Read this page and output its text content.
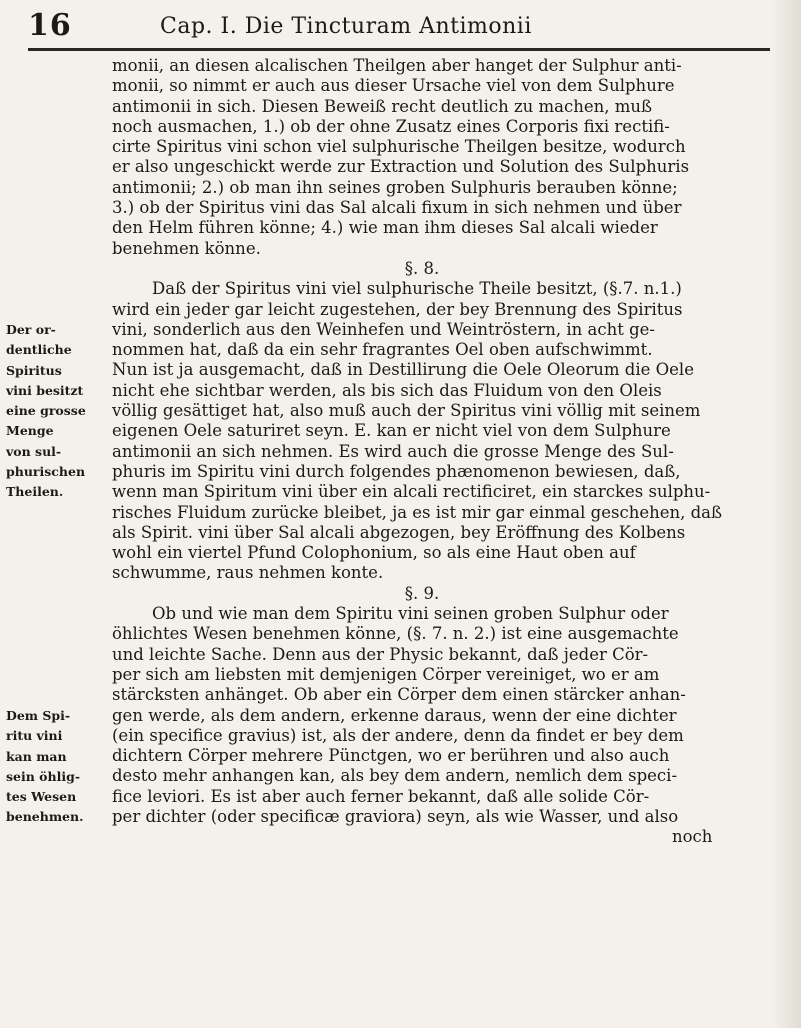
16	Cap. I. Die Tincturam Antimonii
monii, an diesen alcalischen Theilgen aber hanget der Sulphur anti-
monii, so nimmt er auch aus dieser Ursache viel von dem Sulphure
antimonii in sich. Diesen Beweiß recht deutlich zu machen, muß
noch ausmachen, 1.) ob der ohne Zusatz eines Corporis fixi rectifi-
cirte Spiritus vini schon viel sulphurische Theilgen besitze, wodurch
er also ungeschickt werde zur Extraction und Solution des Sulphuris
antimonii; 2.) ob man ihn seines groben Sulphuris berauben könne;
3.) ob der Spiritus vini das Sal alcali fixum in sich nehmen und über
den Helm führen könne; 4.) wie man ihm dieses Sal alcali wieder
benehmen könne.
§. 8.
Daß der Spiritus vini viel sulphurische Theile besitzt, (§.7. n.1.)
wird ein jeder gar leicht zugestehen, der bey Brennung des Spiritus
vini, sonderlich aus den Weinhefen und Weintröstern, in acht ge-
nommen hat, daß da ein sehr fragrantes Oel oben aufschwimmt.
Nun ist ja ausgemacht, daß in Destillirung die Oele Oleorum die Oele
nicht ehe sichtbar werden, als bis sich das Fluidum von den Oleis
völlig gesättiget hat, also muß auch der Spiritus vini völlig mit seinem
eigenen Oele saturiret seyn. E. kan er nicht viel von dem Sulphure
antimonii an sich nehmen. Es wird auch die grosse Menge des Sul-
phuris im Spiritu vini durch folgendes phænomenon bewiesen, daß,
wenn man Spiritum vini über ein alcali rectificiret, ein starckes sulphu-
risches Fluidum zurücke bleibet, ja es ist mir gar einmal geschehen, daß
als Spirit. vini über Sal alcali abgezogen, bey Eröffnung des Kolbens
wohl ein viertel Pfund Colophonium, so als eine Haut oben auf
schwumme, raus nehmen konte.
§. 9.
Ob und wie man dem Spiritu vini seinen groben Sulphur oder
öhlichtes Wesen benehmen könne, (§. 7. n. 2.) ist eine ausgemachte
und leichte Sache. Denn aus der Physic bekannt, daß jeder Cör-
per sich am liebsten mit demjenigen Cörper vereiniget, wo er am
stärcksten anhänget. Ob aber ein Cörper dem einen stärcker anhan-
gen werde, als dem andern, erkenne daraus, wenn der eine dichter
(ein specifice gravius) ist, als der andere, denn da findet er bey dem
dichtern Cörper mehrere Pünctgen, wo er berühren und also auch
desto mehr anhangen kan, als bey dem andern, nemlich dem speci-
fice leviori. Es ist aber auch ferner bekannt, daß alle solide Cör-
per dichter (oder specificæ graviora) seyn, als wie Wasser, und also
noch
Der or-
dentliche
Spiritus
vini besitzt
eine grosse
Menge
von sul-
phurischen
Theilen.
Dem Spi-
ritu vini
kan man
sein öhlig-
tes Wesen
benehmen.
